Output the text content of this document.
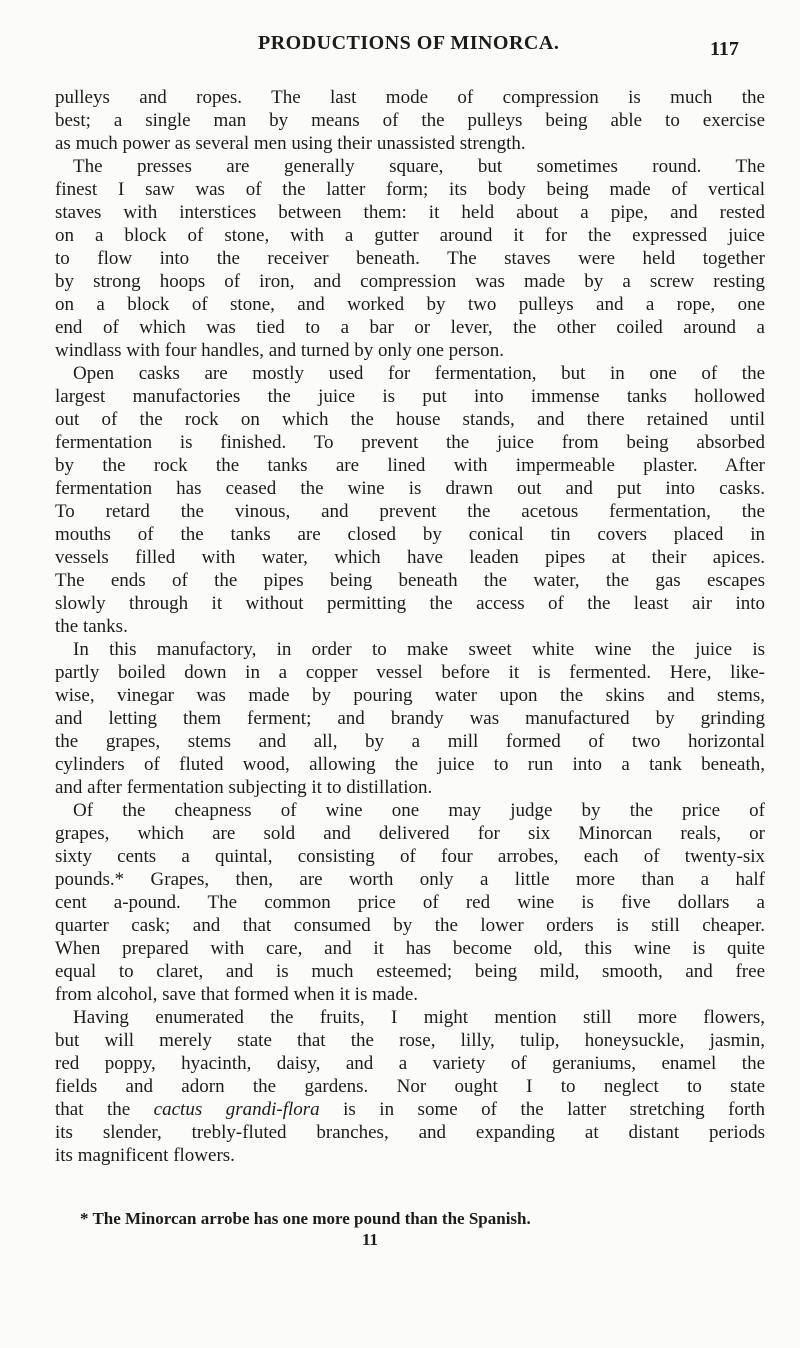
PRODUCTIONS OF MINORCA.	117
pulleys and ropes. The last mode of compression is much the
best; a single man by means of the pulleys being able to exercise
as much power as several men using their unassisted strength.
The presses are generally square, but sometimes round. The
finest I saw was of the latter form; its body being made of vertical
staves with interstices between them: it held about a pipe, and rested
on a block of stone, with a gutter around it for the expressed juice
to flow into the receiver beneath. The staves were held together
by strong hoops of iron, and compression was made by a screw resting
on a block of stone, and worked by two pulleys and a rope, one
end of which was tied to a bar or lever, the other coiled around a
windlass with four handles, and turned by only one person.
Open casks are mostly used for fermentation, but in one of the
largest manufactories the juice is put into immense tanks hollowed
out of the rock on which the house stands, and there retained until
fermentation is finished. To prevent the juice from being absorbed
by the rock the tanks are lined with impermeable plaster. After
fermentation has ceased the wine is drawn out and put into casks.
To retard the vinous, and prevent the acetous fermentation, the
mouths of the tanks are closed by conical tin covers placed in
vessels filled with water, which have leaden pipes at their apices.
The ends of the pipes being beneath the water, the gas escapes
slowly through it without permitting the access of the least air into
the tanks.
In this manufactory, in order to make sweet white wine the juice is
partly boiled down in a copper vessel before it is fermented. Here, like-
wise, vinegar was made by pouring water upon the skins and stems,
and letting them ferment; and brandy was manufactured by grinding
the grapes, stems and all, by a mill formed of two horizontal
cylinders of fluted wood, allowing the juice to run into a tank beneath,
and after fermentation subjecting it to distillation.
Of the cheapness of wine one may judge by the price of
grapes, which are sold and delivered for six Minorcan reals, or
sixty cents a quintal, consisting of four arrobes, each of twenty-six
pounds.* Grapes, then, are worth only a little more than a half
cent a-pound. The common price of red wine is five dollars a
quarter cask; and that consumed by the lower orders is still cheaper.
When prepared with care, and it has become old, this wine is quite
equal to claret, and is much esteemed; being mild, smooth, and free
from alcohol, save that formed when it is made.
Having enumerated the fruits, I might mention still more flowers,
but will merely state that the rose, lilly, tulip, honeysuckle, jasmin,
red poppy, hyacinth, daisy, and a variety of geraniums, enamel the
fields and adorn the gardens. Nor ought I to neglect to state
that the cactus grandi-flora is in some of the latter stretching forth
its slender, trebly-fluted branches, and expanding at distant periods
its magnificent flowers.
* The Minorcan arrobe has one more pound than the Spanish.
11
